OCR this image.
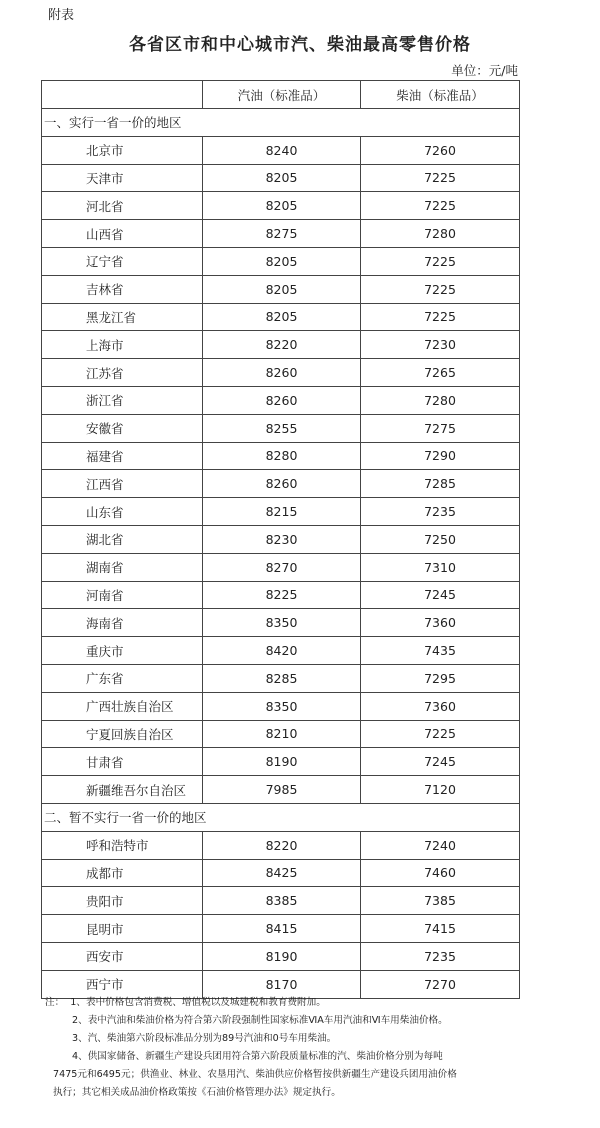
附表
各省区市和中心城市汽、柴油最高零售价格
单位：元/吨
	汽油（标准品）	柴油（标准品）
一、实行一省一价的地区		
北京市	8240	7260
天津市	8205	7225
河北省	8205	7225
山西省	8275	7280
辽宁省	8205	7225
吉林省	8205	7225
黑龙江省	8205	7225
上海市	8220	7230
江苏省	8260	7265
浙江省	8260	7280
安徽省	8255	7275
福建省	8280	7290
江西省	8260	7285
山东省	8215	7235
湖北省	8230	7250
湖南省	8270	7310
河南省	8225	7245
海南省	8350	7360
重庆市	8420	7435
广东省	8285	7295
广西壮族自治区	8350	7360
宁夏回族自治区	8210	7225
甘肃省	8190	7245
新疆维吾尔自治区	7985	7120
二、暂不实行一省一价的地区		
呼和浩特市	8220	7240
成都市	8425	7460
贵阳市	8385	7385
昆明市	8415	7415
西安市	8190	7235
西宁市	8170	7270
注： 1、表中价格包含消费税、增值税以及城建税和教育费附加。
2、表中汽油和柴油价格为符合第六阶段强制性国家标准ⅥA车用汽油和Ⅵ车用柴油价格。
3、汽、柴油第六阶段标准品分别为89号汽油和0号车用柴油。
4、供国家储备、新疆生产建设兵团用符合第六阶段质量标准的汽、柴油价格分别为每吨
7475元和6495元；供渔业、林业、农垦用汽、柴油供应价格暂按供新疆生产建设兵团用油价格
执行；其它相关成品油价格政策按《石油价格管理办法》规定执行。
